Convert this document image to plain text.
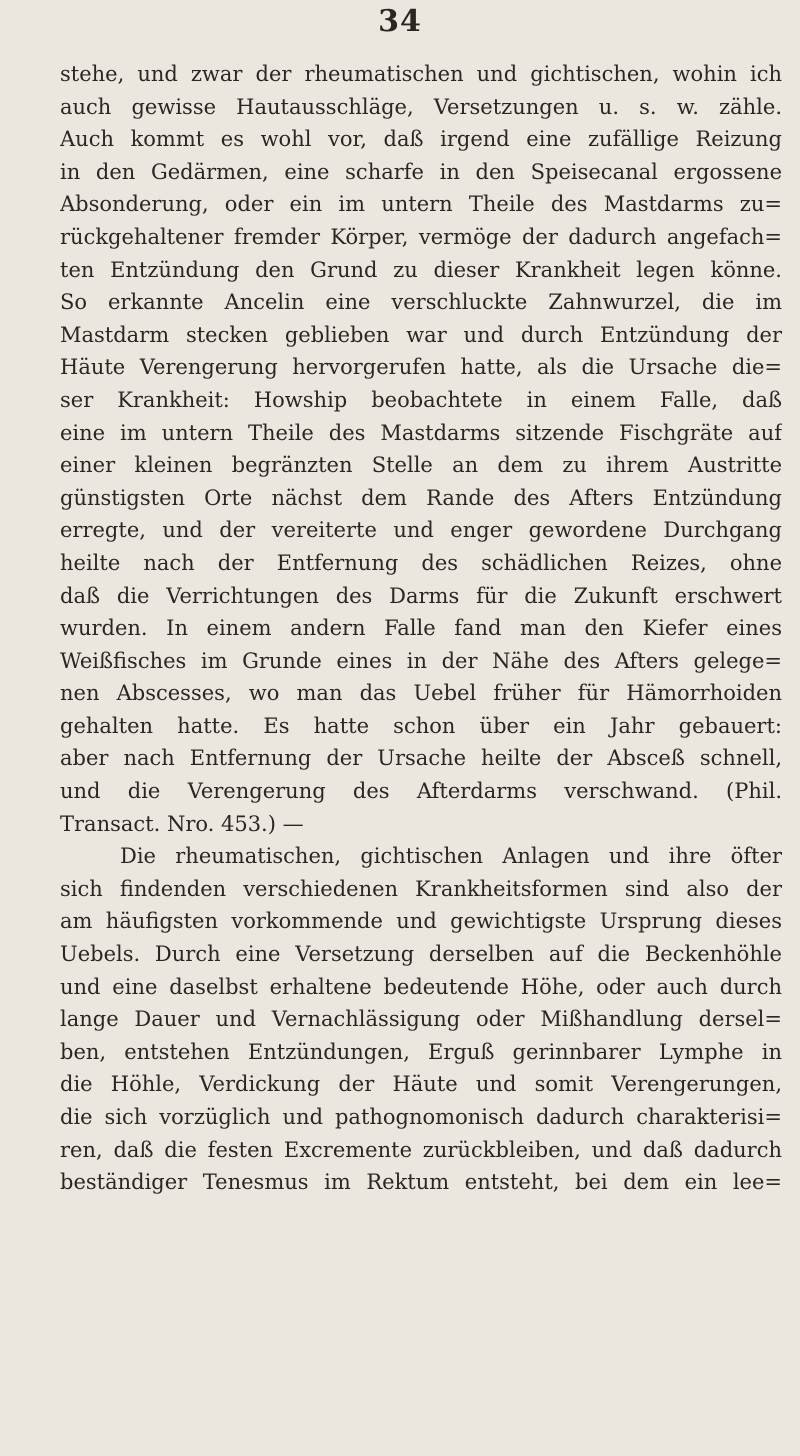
34
stehe, und zwar der rheumatischen und gichtischen, wohin ich
auch gewisse Hautausschläge, Versetzungen u. s. w. zähle.
Auch kommt es wohl vor, daß irgend eine zufällige Reizung
in den Gedärmen, eine scharfe in den Speisecanal ergossene
Absonderung, oder ein im untern Theile des Mastdarms zu=
rückgehaltener fremder Körper, vermöge der dadurch angefach=
ten Entzündung den Grund zu dieser Krankheit legen könne.
So erkannte Ancelin eine verschluckte Zahnwurzel, die im
Mastdarm stecken geblieben war und durch Entzündung der
Häute Verengerung hervorgerufen hatte, als die Ursache die=
ser Krankheit: Howship beobachtete in einem Falle, daß
eine im untern Theile des Mastdarms sitzende Fischgräte auf
einer kleinen begränzten Stelle an dem zu ihrem Austritte
günstigsten Orte nächst dem Rande des Afters Entzündung
erregte, und der vereiterte und enger gewordene Durchgang
heilte nach der Entfernung des schädlichen Reizes, ohne
daß die Verrichtungen des Darms für die Zukunft erschwert
wurden. In einem andern Falle fand man den Kiefer eines
Weißfisches im Grunde eines in der Nähe des Afters gelege=
nen Abscesses, wo man das Uebel früher für Hämorrhoiden
gehalten hatte. Es hatte schon über ein Jahr gebauert:
aber nach Entfernung der Ursache heilte der Absceß schnell,
und die Verengerung des Afterdarms verschwand. (Phil.
Transact. Nro. 453.) —
Die rheumatischen, gichtischen Anlagen und ihre öfter
sich findenden verschiedenen Krankheitsformen sind also der
am häufigsten vorkommende und gewichtigste Ursprung dieses
Uebels. Durch eine Versetzung derselben auf die Beckenhöhle
und eine daselbst erhaltene bedeutende Höhe, oder auch durch
lange Dauer und Vernachlässigung oder Mißhandlung dersel=
ben, entstehen Entzündungen, Erguß gerinnbarer Lymphe in
die Höhle, Verdickung der Häute und somit Verengerungen,
die sich vorzüglich und pathognomonisch dadurch charakterisi=
ren, daß die festen Excremente zurückbleiben, und daß dadurch
beständiger Tenesmus im Rektum entsteht, bei dem ein lee=
